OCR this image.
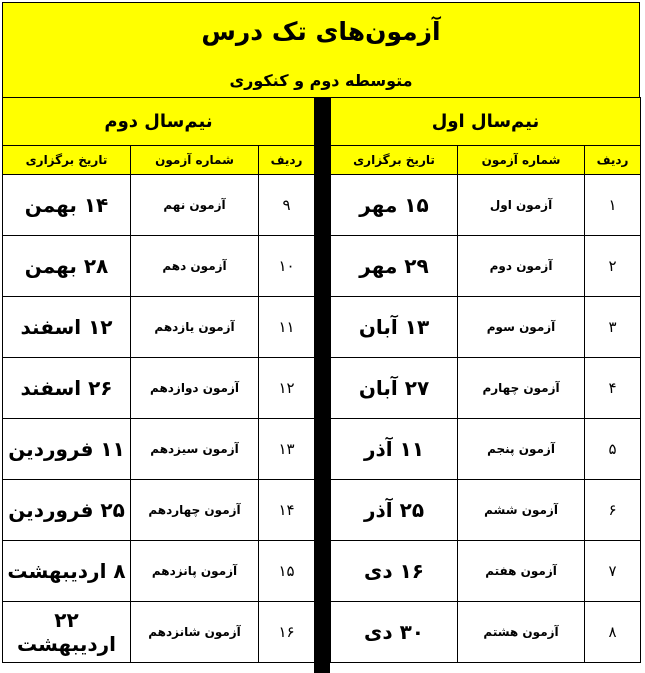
آزمون‌های تک درس
متوسطه دوم و کنکوری
نیم‌سال اول		
ردیف	شماره آزمون	تاریخ برگزاری
۱	آزمون اول	۱۵ مهر
۲	آزمون دوم	۲۹ مهر
۳	آزمون سوم	۱۳ آبان
۴	آزمون چهارم	۲۷ آبان
۵	آزمون پنجم	۱۱ آذر
۶	آزمون ششم	۲۵ آذر
۷	آزمون هفتم	۱۶ دی
۸	آزمون هشتم	۳۰ دی
نیم‌سال دوم		
ردیف	شماره آزمون	تاریخ برگزاری
۹	آزمون نهم	۱۴ بهمن
۱۰	آزمون دهم	۲۸ بهمن
۱۱	آزمون یازدهم	۱۲ اسفند
۱۲	آزمون دوازدهم	۲۶ اسفند
۱۳	آزمون سیزدهم	۱۱ فروردین
۱۴	آزمون چهاردهم	۲۵ فروردین
۱۵	آزمون پانزدهم	۸ اردیبهشت
۱۶	آزمون شانزدهم	۲۲ اردیبهشت
